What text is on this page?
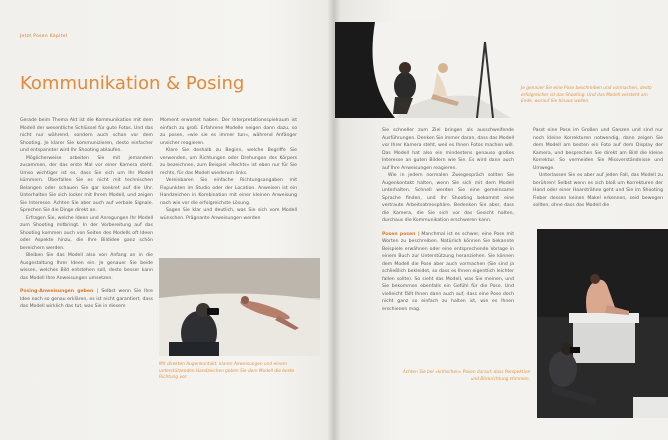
Jetzt Posen Kapitel
Kommunikation & Posing

Gerade beim Thema Akt ist die Kommunikation mit dem Modell der wesentliche Schlüssel für gute Fotos. Und das nicht nur während, sondern auch schon vor dem Shooting. Je klarer Sie kommunizieren, desto einfacher und entspannter wird Ihr Shooting ablaufen.

Möglicherweise arbeiten Sie mit jemandem zusammen, der das erste Mal vor einer Kamera steht. Umso wichtiger ist es, dass Sie sich um Ihr Modell kümmern. Überfallen Sie es nicht mit technischen Belangen oder schauen Sie gar konkret auf die Uhr. Unterhalten Sie sich locker mit Ihrem Modell, und zeigen Sie Interesse. Achten Sie aber auch auf verbale Signale. Sprechen Sie die Dinge direkt an.

Erfragen Sie, welche Ideen und Anregungen Ihr Modell zum Shooting mitbringt. In der Vorbereitung auf das Shooting kommen auch von Seiten des Modells oft Ideen oder Aspekte hinzu, die Ihre Bildidee ganz schön bereichern werden.

Bleiben Sie das Modell also von Anfang an in die Ausgestaltung Ihrer Ideen ein. Je genauer Sie beide wissen, welches Bild entstehen soll, desto besser kann das Modell Ihre Anweisungen umsetzen.

Posing-Anweisungen geben | Selbst wenn Sie Ihre Idee noch so genau erklären, es ist nicht garantiert, dass das Modell wirklich das tut, was Sie in diesem

Moment erwartet haben. Der Interpretationsspielraum ist einfach zu groß. Erfahrene Modelle neigen dann dazu, so zu posen, »wie sie es immer tun«, während Anfänger unsicher reagieren.

Klare Sie deshalb zu Beginn, welche Begriffe Sie verwenden, um Richtungen oder Drehungen des Körpers zu bezeichnen, zum Beispiel »Rechts« ist eben nur für Sie rechts, für das Modell wiederum links.

Vereinbaren Sie einfache Richtungsangaben mit Fixpunkten im Studio oder der Location. Anweisen ist ein Handzeichen in Kombination mit einer kleinen Anweisung nach wie vor die erfolgreichste Lösung.

Sagen Sie klar und deutlich, was Sie sich vom Modell wünschen. Prägnante Anweisungen werden

Mit direkten Augenkontakt, klaren Anweisungen und einem unterstützenden Handzeichen geben Sie dem Modell die beste Richtung vor.
Je genauer Sie eine Pose beschreiben und vormachen, desto erfolgreicher ist das Shooting. Und das Modell versteht am Ende, worauf Sie hinaus wollen.

Sie schneller zum Ziel bringen als ausschweifende Ausführungen. Denken Sie immer daran, dass das Modell vor Ihrer Kamera steht, weil es Ihnen Fotos machen will. Das Modell hat also ein mindestens genauso großes Interesse an guten Bildern wie Sie. Es wird dann auch auf Ihre Anweisungen reagieren.

Wie in jedem normalen Zwiegespräch sollten Sie Augenkontakt halten, wenn Sie sich mit dem Modell unterhalten. Schnell werden Sie eine gemeinsame Sprache finden, und Ihr Shooting bekommt eine vertraute Arbeitsatmosphäre. Bedenken Sie aber, dass die Kamera, die Sie sich vor das Gesicht halten, durchaus die Kommunikation erschweren kann.

Posen posen | Manchmal ist es schwer, eine Pose mit Worten zu beschreiben. Natürlich können Sie bekannte Beispiele erwähnen oder eine entsprechende Vorlage in einem Buch zur Unterstützung heranziehen. Sie können dem Modell die Pose aber auch vormachen (Sie sind ja schließlich bekleidet, so dass es Ihnen eigentlich leichter fallen sollte). So sieht das Modell, was Sie meinen, und Sie bekommen ebenfalls ein Gefühl für die Pose. Und vielleicht fällt Ihnen dann auch auf, dass eine Pose doch nicht ganz so einfach zu halten ist, wie es Ihnen erschienen mag.

Passt eine Pose im Großen und Ganzen und sind nur noch kleine Korrekturen notwendig, dann zeigen Sie dem Modell am besten ein Foto auf dem Display der Kamera, und besprechen Sie direkt am Bild die kleine Korrektur. So vermeiden Sie Missverständnisse und Umwege.

Unterlassen Sie es aber auf jeden Fall, das Modell zu berühren! Selbst wenn es sich bloß um Korrekturen der Hand oder einer Haarsträhne geht und Sie im Shooting Fieber dessen keinen Makel erkennen, seid bewegen sollten, ohne dass das Modell die

Achten Sie bei »kritischen« Posen darauf, dass Perspektive und Blickrichtung stimmen.
